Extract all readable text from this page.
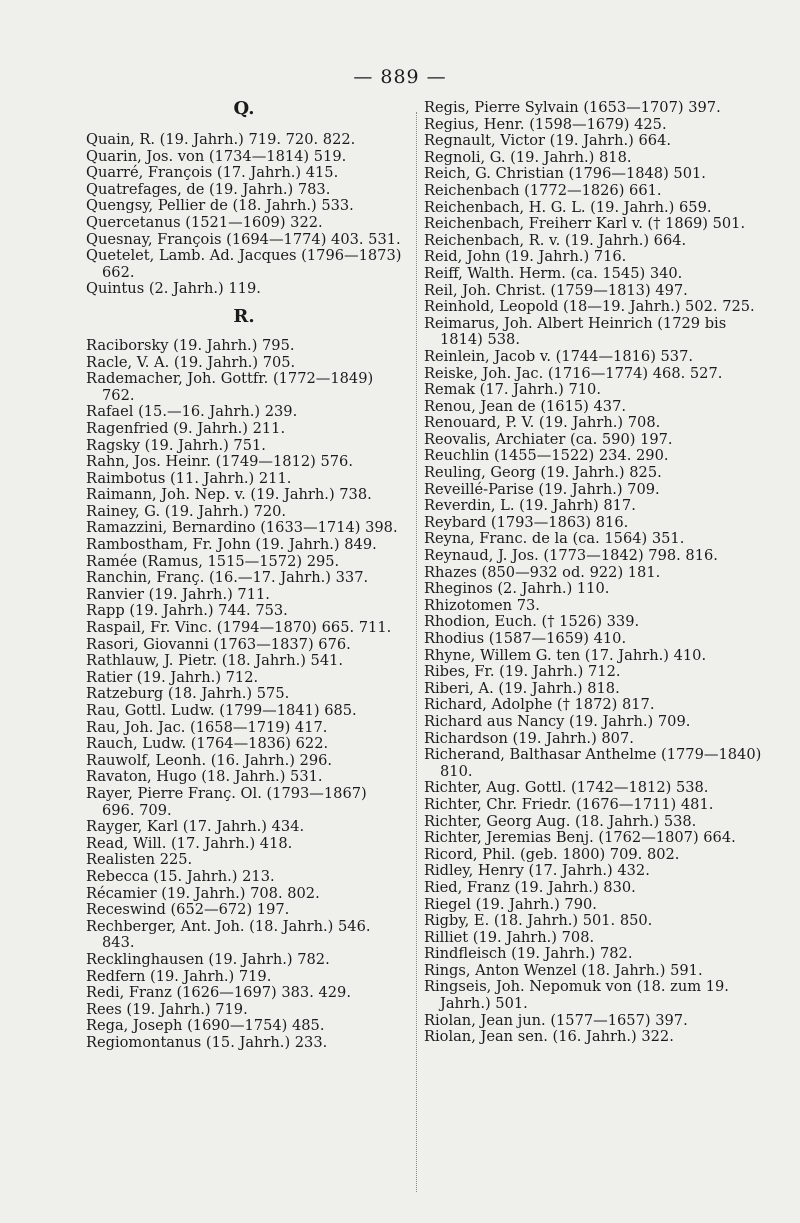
— 889 —
Q.
Quain, R. (19. Jahrh.) 719. 720. 822.
Quarin, Jos. von (1734—1814) 519.
Quarré, François (17. Jahrh.) 415.
Quatrefages, de (19. Jahrh.) 783.
Quengsy, Pellier de (18. Jahrh.) 533.
Quercetanus (1521—1609) 322.
Quesnay, François (1694—1774) 403. 531.
Quetelet, Lamb. Ad. Jacques (1796—1873) 662.
Quintus (2. Jahrh.) 119.
R.
Raciborsky (19. Jahrh.) 795.
Racle, V. A. (19. Jahrh.) 705.
Rademacher, Joh. Gottfr. (1772—1849) 762.
Rafael (15.—16. Jahrh.) 239.
Ragenfried (9. Jahrh.) 211.
Ragsky (19. Jahrh.) 751.
Rahn, Jos. Heinr. (1749—1812) 576.
Raimbotus (11. Jahrh.) 211.
Raimann, Joh. Nep. v. (19. Jahrh.) 738.
Rainey, G. (19. Jahrh.) 720.
Ramazzini, Bernardino (1633—1714) 398.
Rambostham, Fr. John (19. Jahrh.) 849.
Ramée (Ramus, 1515—1572) 295.
Ranchin, Franç. (16.—17. Jahrh.) 337.
Ranvier (19. Jahrh.) 711.
Rapp (19. Jahrh.) 744. 753.
Raspail, Fr. Vinc. (1794—1870) 665. 711.
Rasori, Giovanni (1763—1837) 676.
Rathlauw, J. Pietr. (18. Jahrh.) 541.
Ratier (19. Jahrh.) 712.
Ratzeburg (18. Jahrh.) 575.
Rau, Gottl. Ludw. (1799—1841) 685.
Rau, Joh. Jac. (1658—1719) 417.
Rauch, Ludw. (1764—1836) 622.
Rauwolf, Leonh. (16. Jahrh.) 296.
Ravaton, Hugo (18. Jahrh.) 531.
Rayer, Pierre Franç. Ol. (1793—1867) 696. 709.
Rayger, Karl (17. Jahrh.) 434.
Read, Will. (17. Jahrh.) 418.
Realisten 225.
Rebecca (15. Jahrh.) 213.
Récamier (19. Jahrh.) 708. 802.
Receswind (652—672) 197.
Rechberger, Ant. Joh. (18. Jahrh.) 546. 843.
Recklinghausen (19. Jahrh.) 782.
Redfern (19. Jahrh.) 719.
Redi, Franz (1626—1697) 383. 429.
Rees (19. Jahrh.) 719.
Rega, Joseph (1690—1754) 485.
Regiomontanus (15. Jahrh.) 233.
Regis, Pierre Sylvain (1653—1707) 397.
Regius, Henr. (1598—1679) 425.
Regnault, Victor (19. Jahrh.) 664.
Regnoli, G. (19. Jahrh.) 818.
Reich, G. Christian (1796—1848) 501.
Reichenbach (1772—1826) 661.
Reichenbach, H. G. L. (19. Jahrh.) 659.
Reichenbach, Freiherr Karl v. († 1869) 501.
Reichenbach, R. v. (19. Jahrh.) 664.
Reid, John (19. Jahrh.) 716.
Reiff, Walth. Herm. (ca. 1545) 340.
Reil, Joh. Christ. (1759—1813) 497.
Reinhold, Leopold (18—19. Jahrh.) 502. 725.
Reimarus, Joh. Albert Heinrich (1729 bis 1814) 538.
Reinlein, Jacob v. (1744—1816) 537.
Reiske, Joh. Jac. (1716—1774) 468. 527.
Remak (17. Jahrh.) 710.
Renou, Jean de (1615) 437.
Renouard, P. V. (19. Jahrh.) 708.
Reovalis, Archiater (ca. 590) 197.
Reuchlin (1455—1522) 234. 290.
Reuling, Georg (19. Jahrh.) 825.
Reveillé-Parise (19. Jahrh.) 709.
Reverdin, L. (19. Jahrh) 817.
Reybard (1793—1863) 816.
Reyna, Franc. de la (ca. 1564) 351.
Reynaud, J. Jos. (1773—1842) 798. 816.
Rhazes (850—932 od. 922) 181.
Rheginos (2. Jahrh.) 110.
Rhizotomen 73.
Rhodion, Euch. († 1526) 339.
Rhodius (1587—1659) 410.
Rhyne, Willem G. ten (17. Jahrh.) 410.
Ribes, Fr. (19. Jahrh.) 712.
Riberi, A. (19. Jahrh.) 818.
Richard, Adolphe († 1872) 817.
Richard aus Nancy (19. Jahrh.) 709.
Richardson (19. Jahrh.) 807.
Richerand, Balthasar Anthelme (1779—1840) 810.
Richter, Aug. Gottl. (1742—1812) 538.
Richter, Chr. Friedr. (1676—1711) 481.
Richter, Georg Aug. (18. Jahrh.) 538.
Richter, Jeremias Benj. (1762—1807) 664.
Ricord, Phil. (geb. 1800) 709. 802.
Ridley, Henry (17. Jahrh.) 432.
Ried, Franz (19. Jahrh.) 830.
Riegel (19. Jahrh.) 790.
Rigby, E. (18. Jahrh.) 501. 850.
Rilliet (19. Jahrh.) 708.
Rindfleisch (19. Jahrh.) 782.
Rings, Anton Wenzel (18. Jahrh.) 591.
Ringseis, Joh. Nepomuk von (18. zum 19. Jahrh.) 501.
Riolan, Jean jun. (1577—1657) 397.
Riolan, Jean sen. (16. Jahrh.) 322.
